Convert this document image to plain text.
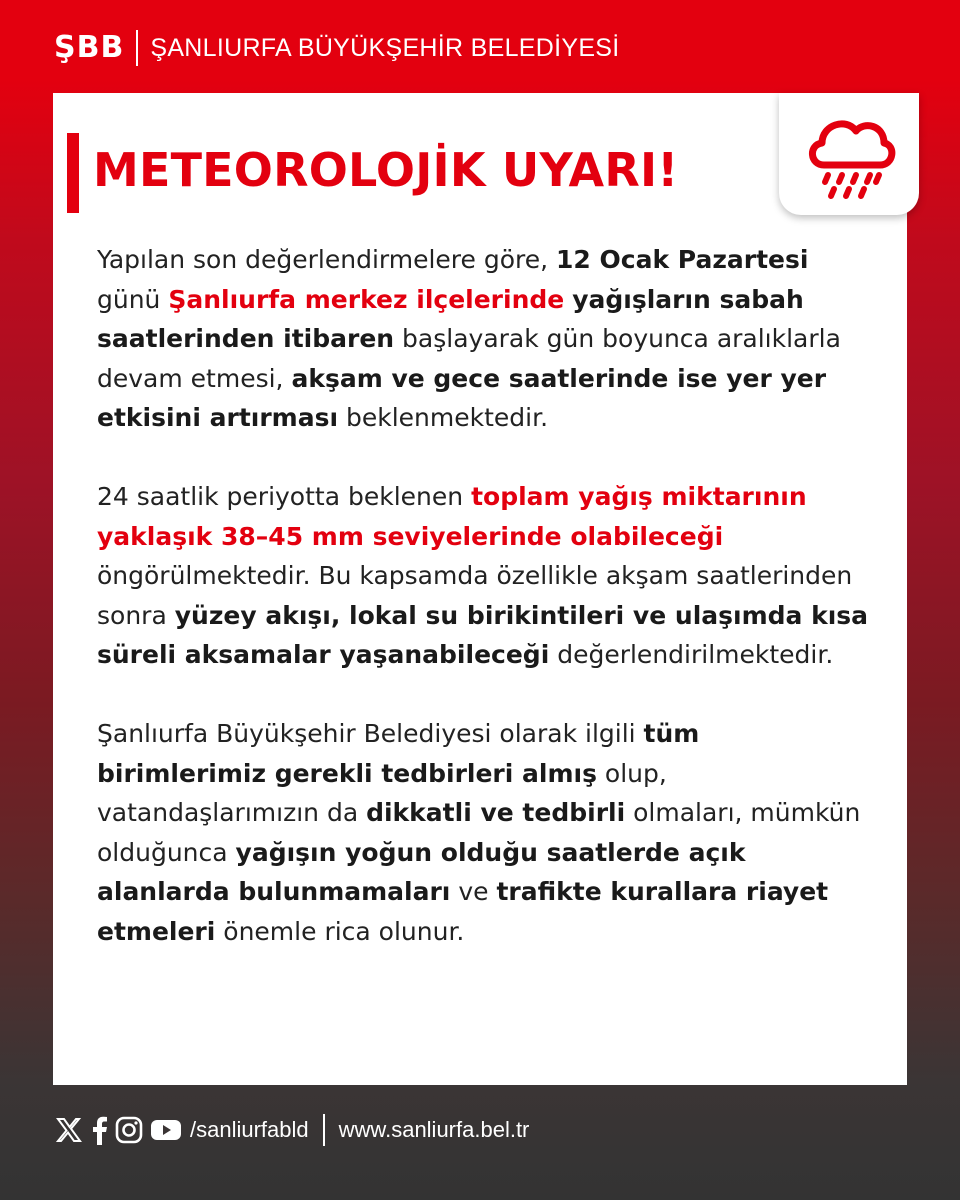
ŞBB ŞANLIURFA BÜYÜKŞEHİR BELEDİYESİ
METEOROLOJİK UYARI!

Yapılan son değerlendirmelere göre, 12 Ocak Pazartesi günü Şanlıurfa merkez ilçelerinde yağışların sabah saatlerinden itibaren başlayarak gün boyunca aralıklarla devam etmesi, akşam ve gece saatlerinde ise yer yer etkisini artırması beklenmektedir.

24 saatlik periyotta beklenen toplam yağış miktarının yaklaşık 38–45 mm seviyelerinde olabileceği öngörülmektedir. Bu kapsamda özellikle akşam saatlerinden sonra yüzey akışı, lokal su birikintileri ve ulaşımda kısa süreli aksamalar yaşanabileceği değerlendirilmektedir.

Şanlıurfa Büyükşehir Belediyesi olarak ilgili tüm birimlerimiz gerekli tedbirleri almış olup, vatandaşlarımızın da dikkatli ve tedbirli olmaları, mümkün olduğunca yağışın yoğun olduğu saatlerde açık alanlarda bulunmamaları ve trafikte kurallara riayet etmeleri önemle rica olunur.

/sanliurfabld www.sanliurfa.bel.tr
